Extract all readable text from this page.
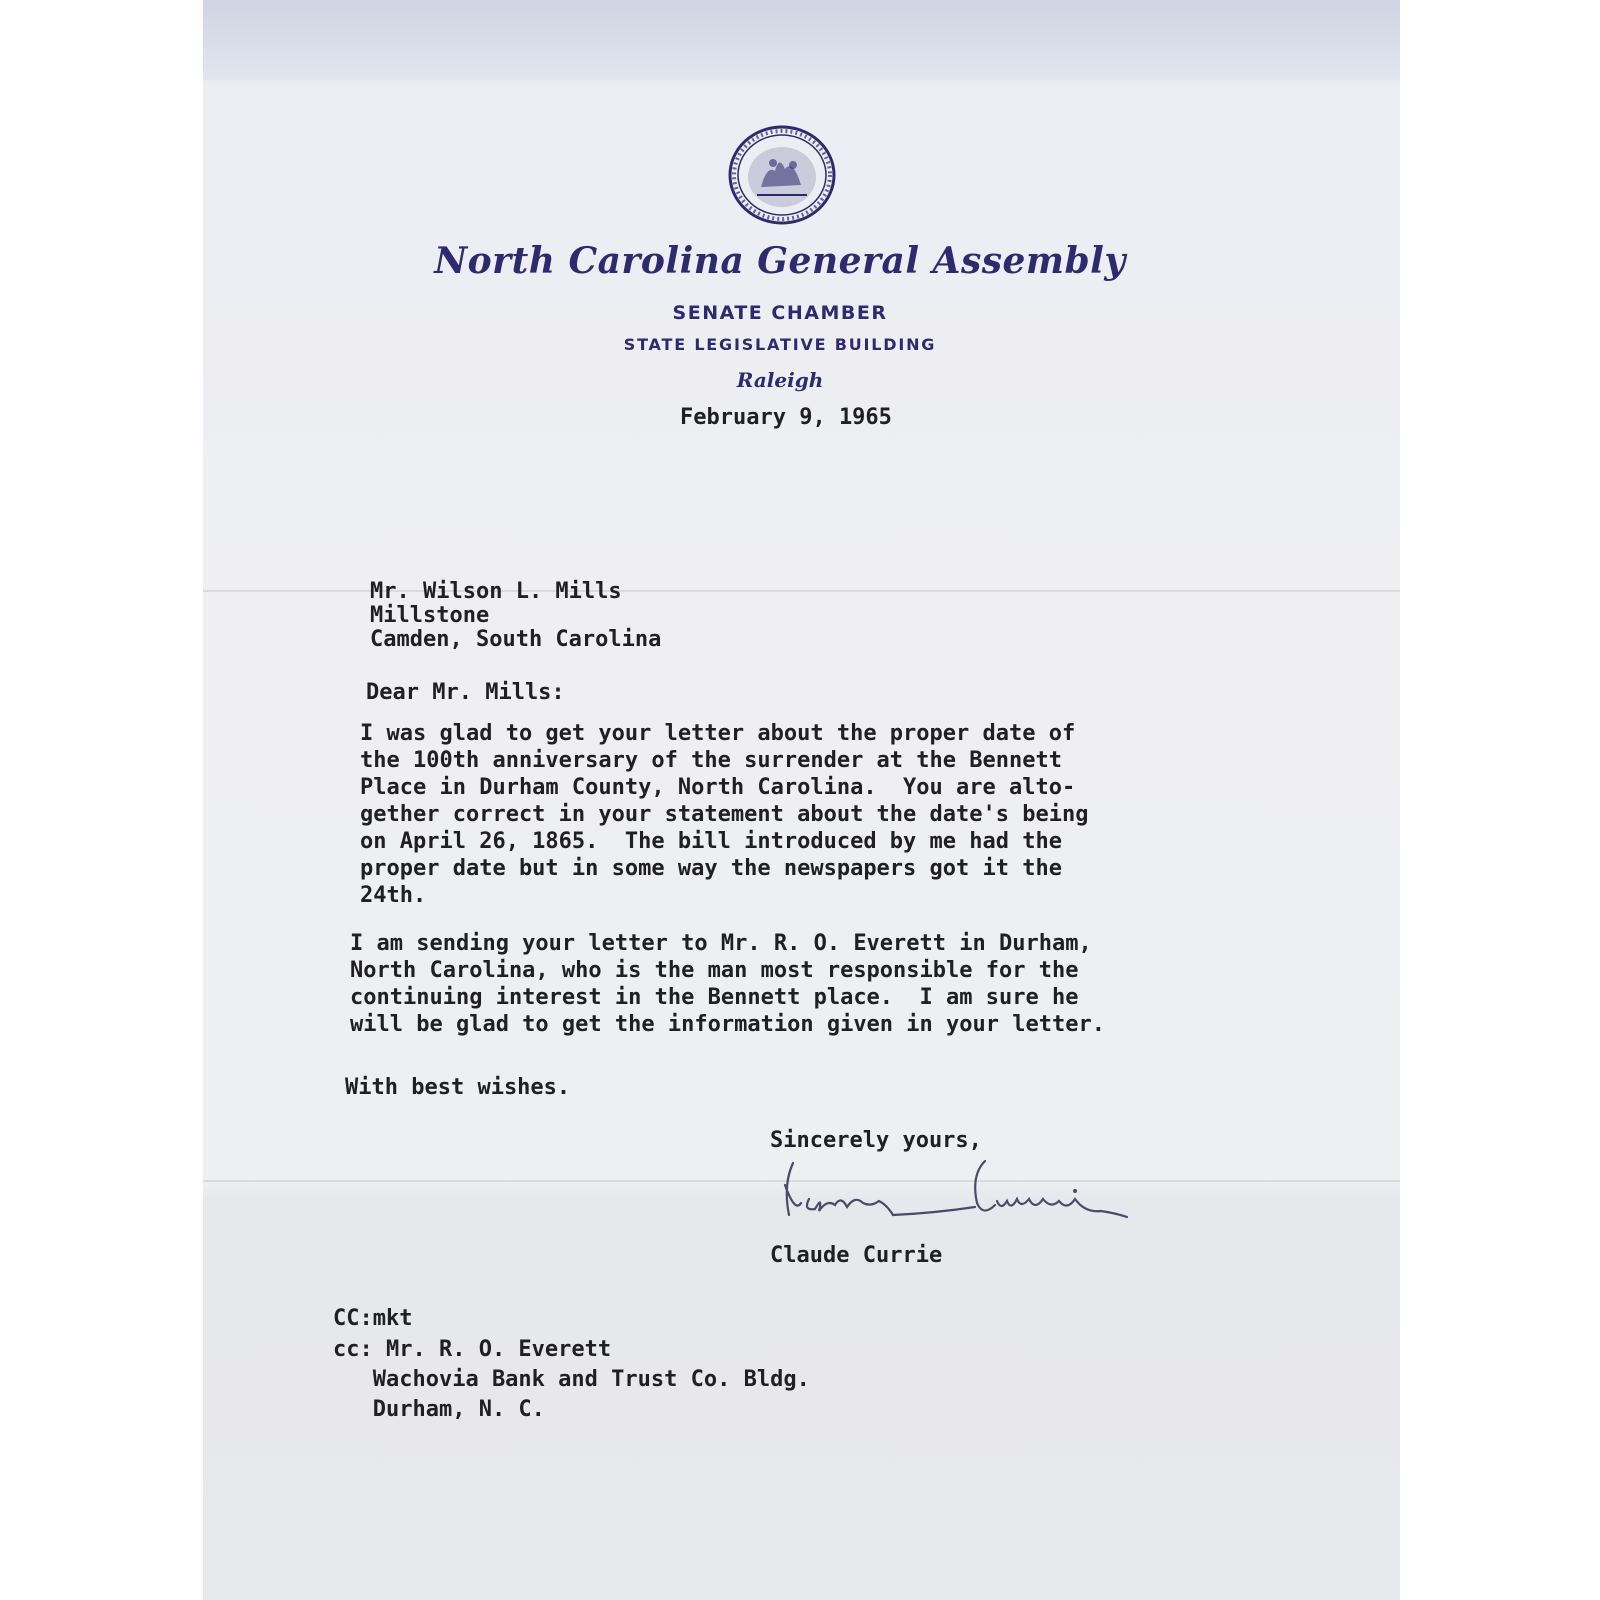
North Carolina General Assembly
SENATE CHAMBER
STATE LEGISLATIVE BUILDING
Raleigh
February 9, 1965
Mr. Wilson L. Mills
Millstone
Camden, South Carolina
Dear Mr. Mills:
I was glad to get your letter about the proper date of
the 100th anniversary of the surrender at the Bennett
Place in Durham County, North Carolina.  You are alto-
gether correct in your statement about the date's being
on April 26, 1865.  The bill introduced by me had the
proper date but in some way the newspapers got it the
24th.
I am sending your letter to Mr. R. O. Everett in Durham,
North Carolina, who is the man most responsible for the
continuing interest in the Bennett place.  I am sure he
will be glad to get the information given in your letter.
With best wishes.
Sincerely yours,
Claude Currie
CC:mkt
cc: Mr. R. O. Everett
Wachovia Bank and Trust Co. Bldg.
Durham, N. C.
